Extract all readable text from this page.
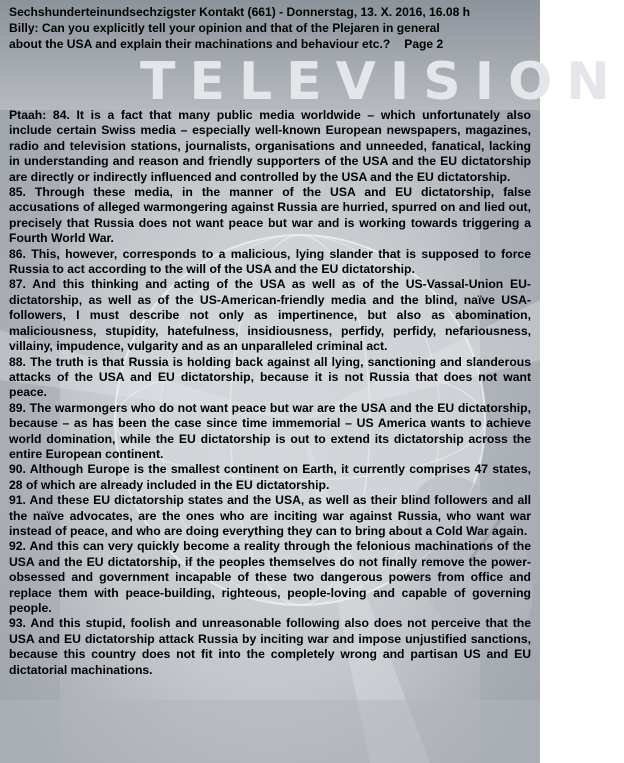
TELEVISION
Sechshunderteinundsechzigster Kontakt (661) - Donnerstag, 13. X. 2016, 16.08 h
Billy: Can you explicitly tell your opinion and that of the Plejaren in general
about the USA and explain their machinations and behaviour etc.? Page 2

Ptaah: 84. It is a fact that many public media worldwide – which unfortunately also include certain Swiss media – especially well-known European newspapers, magazines, radio and television stations, journalists, organisations and unneeded, fanatical, lacking in understanding and reason and friendly supporters of the USA and the EU dictatorship are directly or indirectly influenced and controlled by the USA and the EU dictatorship.

85. Through these media, in the manner of the USA and EU dictatorship, false accusations of alleged warmongering against Russia are hurried, spurred on and lied out, precisely that Russia does not want peace but war and is working towards triggering a Fourth World War.

86. This, however, corresponds to a malicious, lying slander that is supposed to force Russia to act according to the will of the USA and the EU dictatorship.

87. And this thinking and acting of the USA as well as of the US-Vassal-Union EU-dictatorship, as well as of the US-American-friendly media and the blind, naïve USA-followers, I must describe not only as impertinence, but also as abomination, maliciousness, stupidity, hatefulness, insidiousness, perfidy, perfidy, nefariousness, villainy, impudence, vulgarity and as an unparalleled criminal act.

88. The truth is that Russia is holding back against all lying, sanctioning and slanderous attacks of the USA and EU dictatorship, because it is not Russia that does not want peace.

89. The warmongers who do not want peace but war are the USA and the EU dictatorship, because – as has been the case since time immemorial – US America wants to achieve world domination, while the EU dictatorship is out to extend its dictatorship across the entire European continent.

90. Although Europe is the smallest continent on Earth, it currently comprises 47 states, 28 of which are already included in the EU dictatorship.

91. And these EU dictatorship states and the USA, as well as their blind followers and all the naïve advocates, are the ones who are inciting war against Russia, who want war instead of peace, and who are doing everything they can to bring about a Cold War again.

92. And this can very quickly become a reality through the felonious machinations of the USA and the EU dictatorship, if the peoples themselves do not finally remove the power-obsessed and government incapable of these two dangerous powers from office and replace them with peace-building, righteous, people-loving and capable of governing people.

93. And this stupid, foolish and unreasonable following also does not perceive that the USA and EU dictatorship attack Russia by inciting war and impose unjustified sanctions, because this country does not fit into the completely wrong and partisan US and EU dictatorial machinations.
